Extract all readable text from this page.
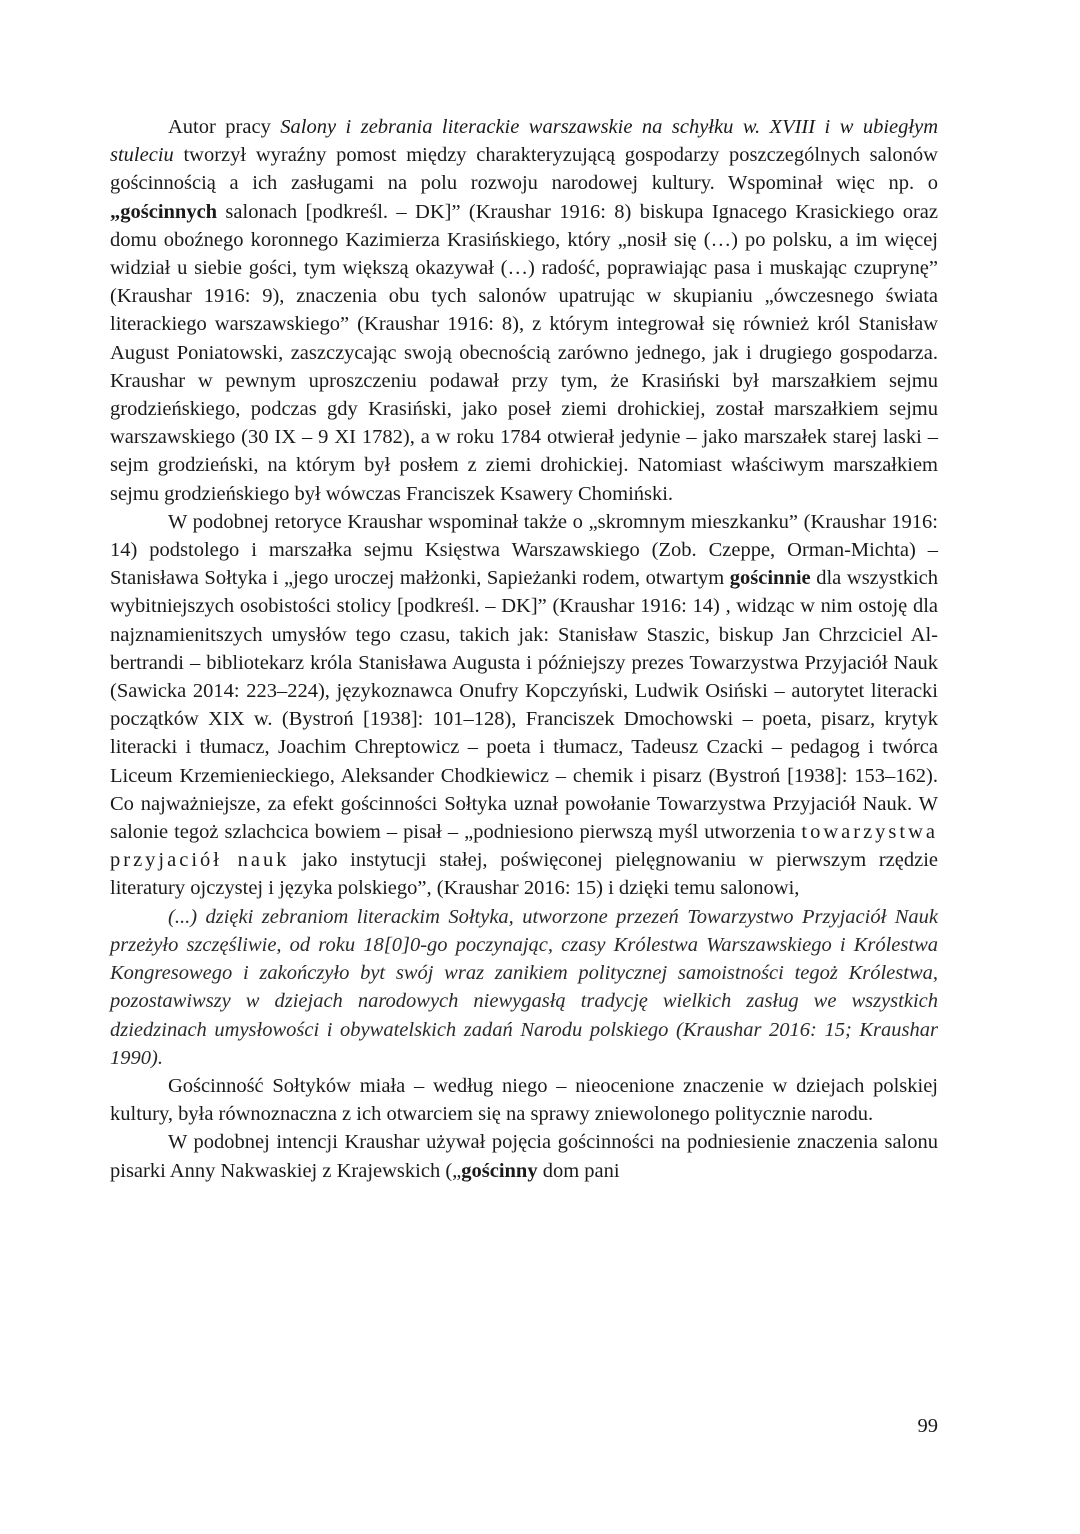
Autor pracy Salony i zebrania literackie warszawskie na schyłku w. XVIII i w ubiegłym stuleciu tworzył wyraźny pomost między charakteryzującą gospodarzy poszczególnych salonów gościnnością a ich zasługami na polu rozwoju narodowej kultury. Wspominał więc np. o „gościnnych salonach [podkreśl. – DK]” (Kraushar 1916: 8) biskupa Ignacego Krasickiego oraz domu oboźnego koronnego Kazimierza Krasińskiego, który „nosił się (…) po polsku, a im więcej widział u siebie gości, tym większą okazywał (…) radość, poprawiając pasa i muskając czuprynę” (Kraushar 1916: 9), znaczenia obu tych salonów upatrując w skupianiu „ówczesnego świata literackiego warszawskiego” (Kraushar 1916: 8), z którym integrował się również król Stanisław August Poniatowski, zaszczycając swoją obecnością zarówno jednego, jak i drugiego gospodarza. Kraushar w pewnym uproszczeniu podawał przy tym, że Krasiński był marszałkiem sejmu grodzieńskiego, podczas gdy Krasiński, jako poseł ziemi drohickiej, został marszałkiem sejmu warszawskiego (30 IX – 9 XI 1782), a w roku 1784 otwierał jedynie – jako marszałek starej laski – sejm grodzieński, na którym był posłem z ziemi drohickiej. Natomiast właściwym marszałkiem sejmu grodzieńskiego był wówczas Franciszek Ksawery Chomiński.

W podobnej retoryce Kraushar wspominał także o „skromnym mieszkanku” (Kraushar 1916: 14) podstolego i marszałka sejmu Księstwa Warszawskiego (Zob. Czeppe, Orman-Michta) – Stanisława Sołtyka i „jego uroczej małżonki, Sapieżanki rodem, otwartym gościnnie dla wszystkich wybitniejszych osobistości stolicy [podkreśl. – DK]” (Kraushar 1916: 14) , widząc w nim ostoję dla najznamienitszych umysłów tego czasu, takich jak: Stanisław Staszic, biskup Jan Chrzciciel Albertrandi – bibliotekarz króla Stanisława Augusta i późniejszy prezes Towarzystwa Przyjaciół Nauk (Sawicka 2014: 223–224), językoznawca Onufry Kopczyński, Ludwik Osiński – autorytet literacki początków XIX w. (Bystroń [1938]: 101–128), Franciszek Dmochowski – poeta, pisarz, krytyk literacki i tłumacz, Joachim Chreptowicz – poeta i tłumacz, Tadeusz Czacki – pedagog i twórca Liceum Krzemienieckiego, Aleksander Chodkiewicz – chemik i pisarz (Bystroń [1938]: 153–162). Co najważniejsze, za efekt gościnności Sołtyka uznał powołanie Towarzystwa Przyjaciół Nauk. W salonie tegoż szlachcica bowiem – pisał – „podniesiono pierwszą myśl utworzenia towarzystwa przyjaciół nauk jako instytucji stałej, poświęconej pielęgnowaniu w pierwszym rzędzie literatury ojczystej i języka polskiego”, (Kraushar 2016: 15) i dzięki temu salonowi,

(...) dzięki zebraniom literackim Sołtyka, utworzone przezeń Towarzystwo Przyjaciół Nauk przeżyło szczęśliwie, od roku 18[0]0-go poczynając, czasy Królestwa Warszawskiego i Królestwa Kongresowego i zakończyło byt swój wraz zanikiem politycznej samoistności tegoż Królestwa, pozostawiwszy w dziejach narodowych niewygasłą tradycję wielkich zasług we wszystkich dziedzinach umysłowości i obywatelskich zadań Narodu polskiego (Kraushar 2016: 15; Kraushar 1990).

Gościnność Sołtyków miała – według niego – nieocenione znaczenie w dziejach polskiej kultury, była równoznaczna z ich otwarciem się na sprawy zniewolonego politycznie narodu.

W podobnej intencji Kraushar używał pojęcia gościnności na podniesienie znaczenia salonu pisarki Anny Nakwaskiej z Krajewskich („gościnny dom pani

99
